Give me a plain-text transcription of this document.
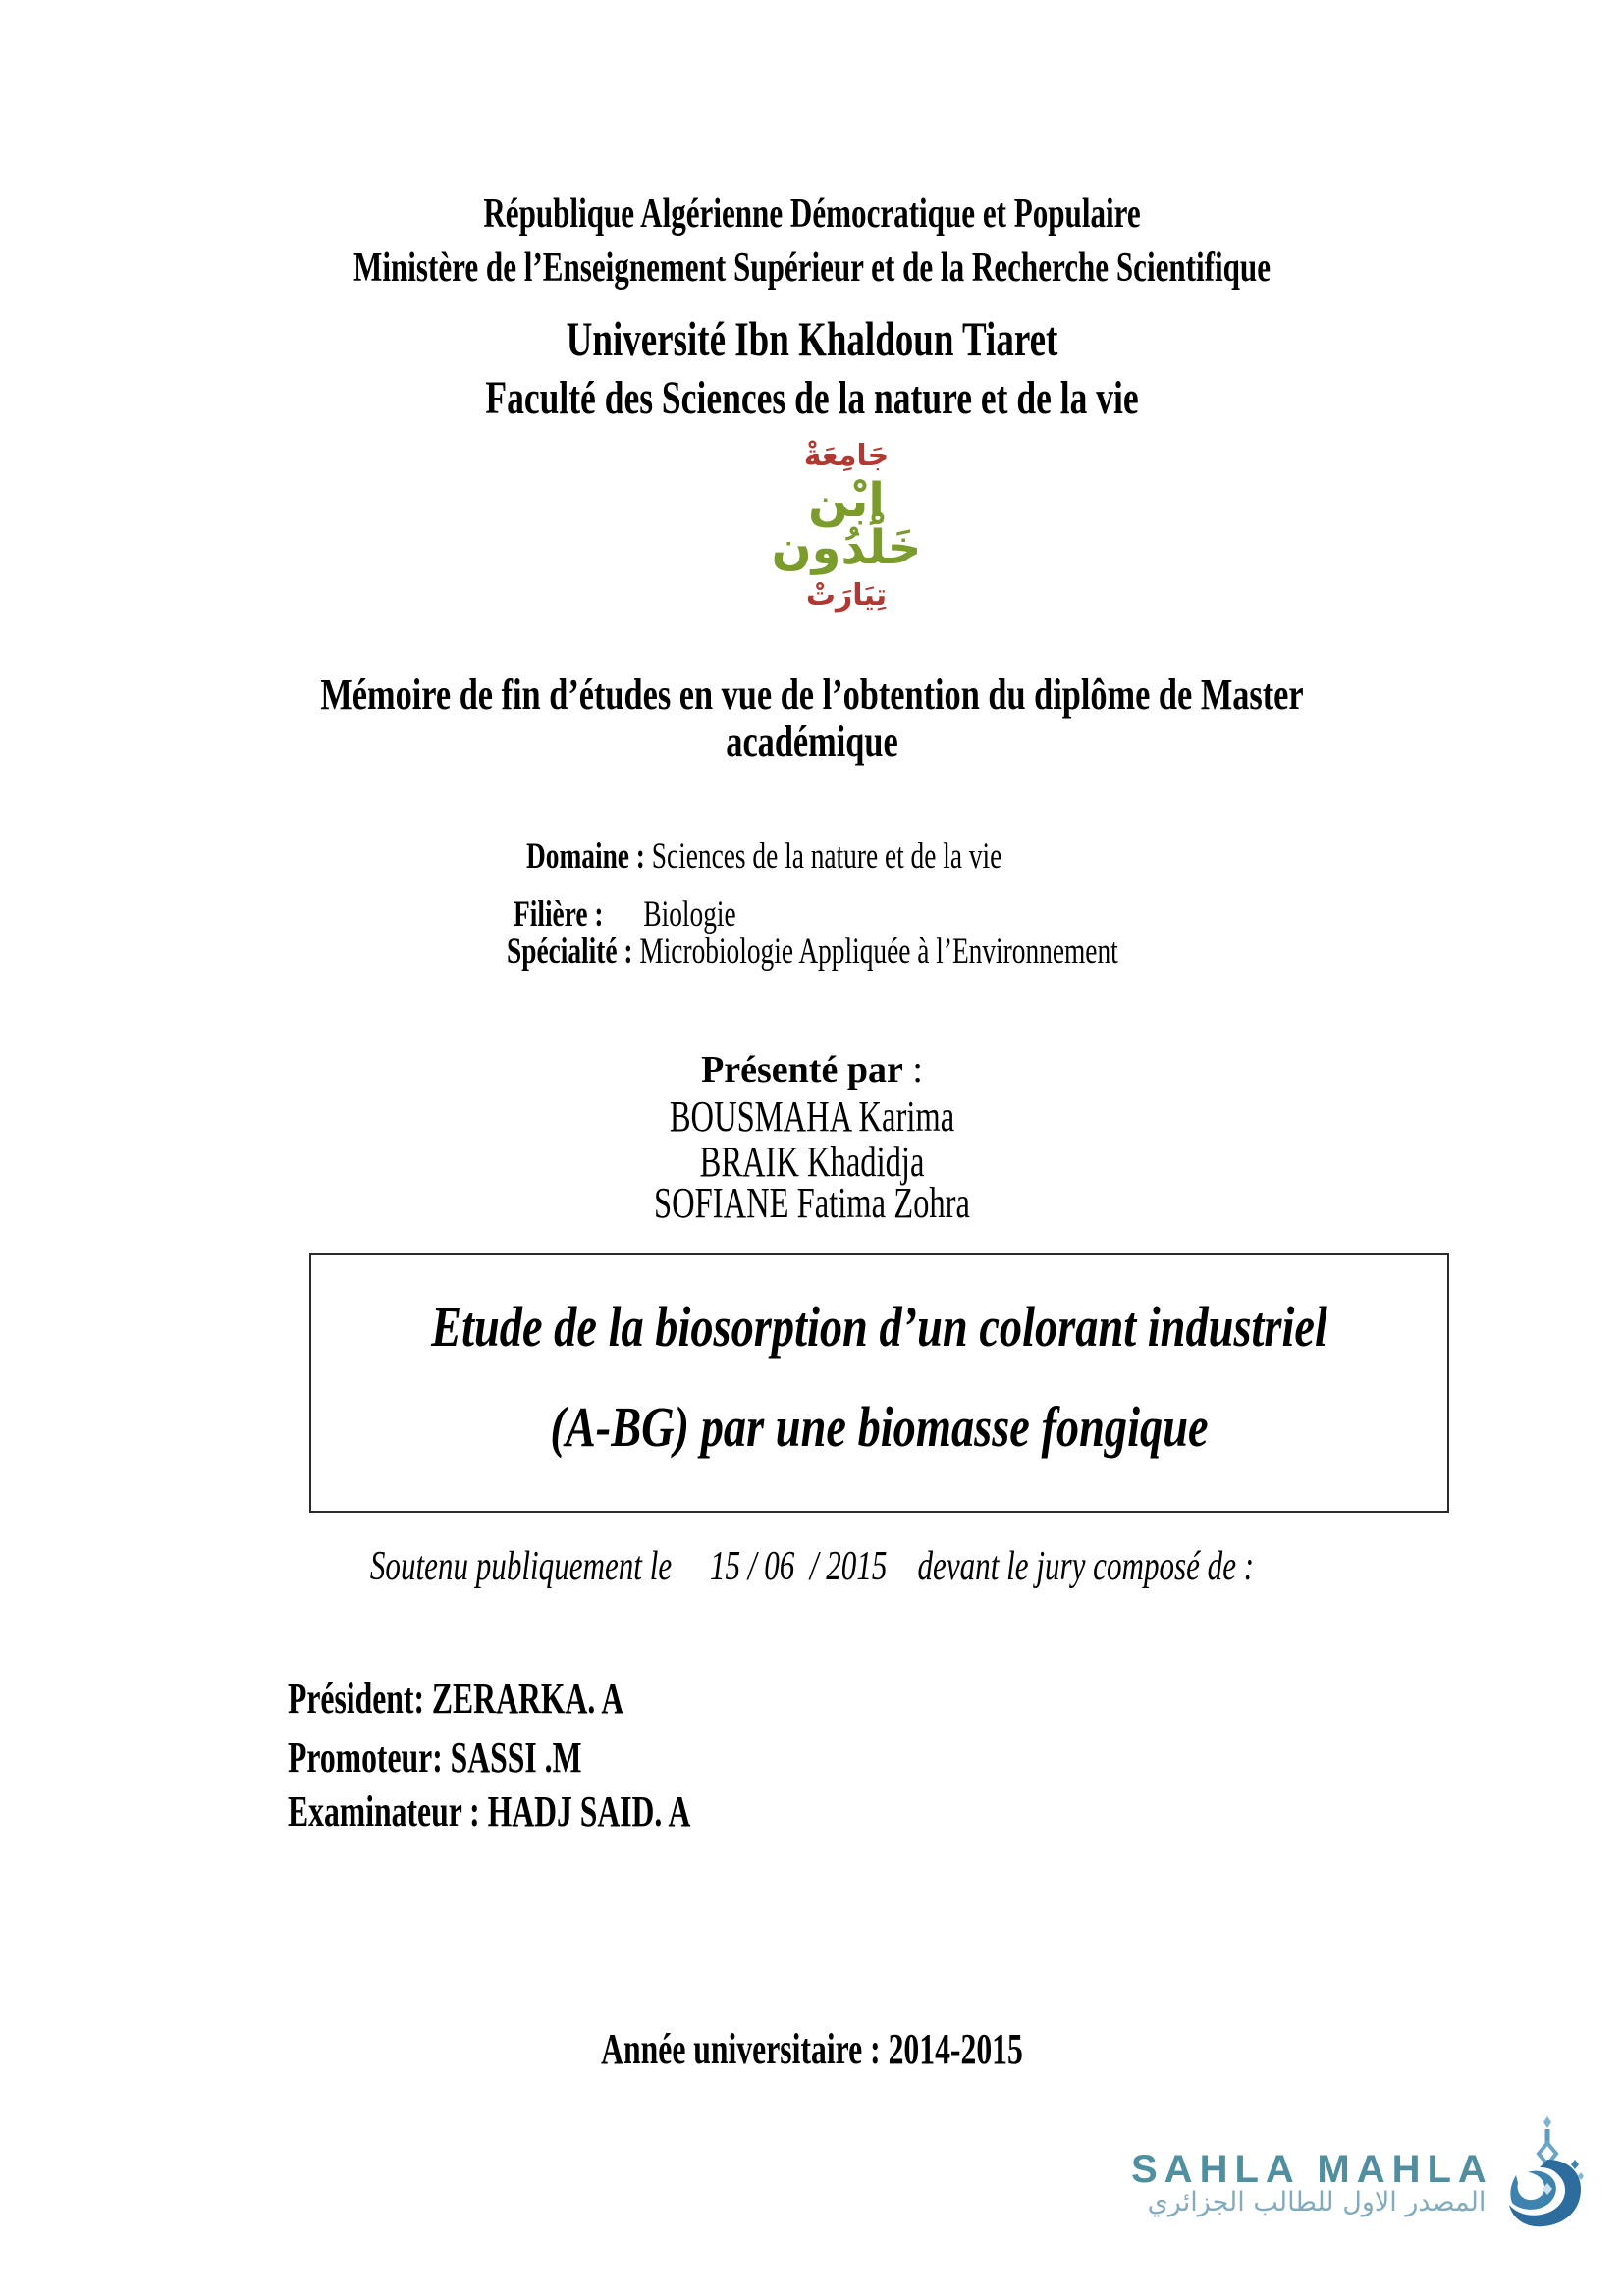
République Algérienne Démocratique et Populaire
Ministère de l’Enseignement Supérieur et de la Recherche Scientifique
Université Ibn Khaldoun Tiaret
Faculté des Sciences de la nature et de la vie
جَامِعَةْ
اِبْن خَلْدُون
تِيَارَتْ
Mémoire de fin d’études en vue de l’obtention du diplôme de Master
académique
Domaine : Sciences de la nature et de la vie
Filière : Biologie
Spécialité : Microbiologie Appliquée à l’Environnement
Présenté par :
BOUSMAHA Karima
BRAIK Khadidja
SOFIANE Fatima Zohra
Etude de la biosorption d’un colorant industriel
(A-BG) par une biomasse fongique
Soutenu publiquement le     15 / 06  / 2015    devant le jury composé de :
Président: ZERARKA. A
Promoteur: SASSI .M
Examinateur : HADJ SAID. A
Année universitaire : 2014-2015
SAHLA MAHLA
المصدر الاول للطالب الجزائري
